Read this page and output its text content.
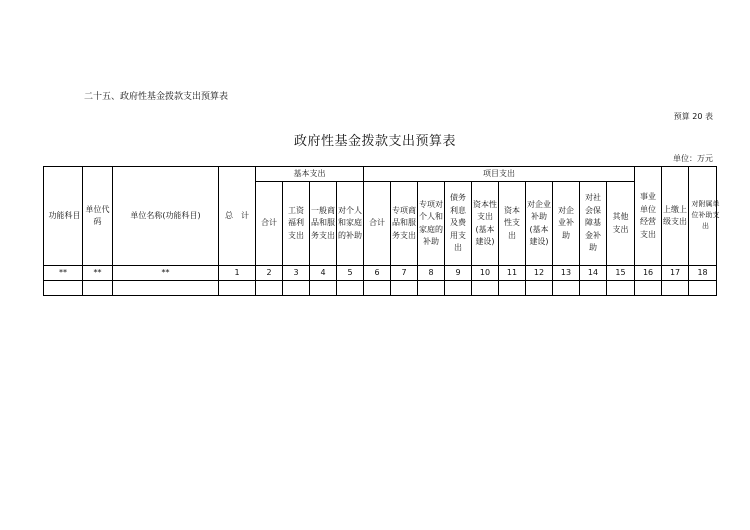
二十五、政府性基金拨款支出预算表
预算 20 表
政府性基金拨款支出预算表
单位：万元
功能科目	单位代码	单位名称(功能科目)	总　计	基本支出				项目支出										事业单位经营支出	上缴上级支出	对附属单位补助支出
				合计	工资福利支出	一般商品和服务支出	对个人和家庭的补助	合计	专项商品和服务支出	专项对个人和家庭的补助	债务利息及费用支出	资本性支出(基本建设)	资本性支出	对企业补助(基本建设)	对企业补助	对社会保障基金补助	其他支出			
**	**	**	1	2	3	4	5	6	7	8	9	10	11	12	13	14	15	16	17	18
